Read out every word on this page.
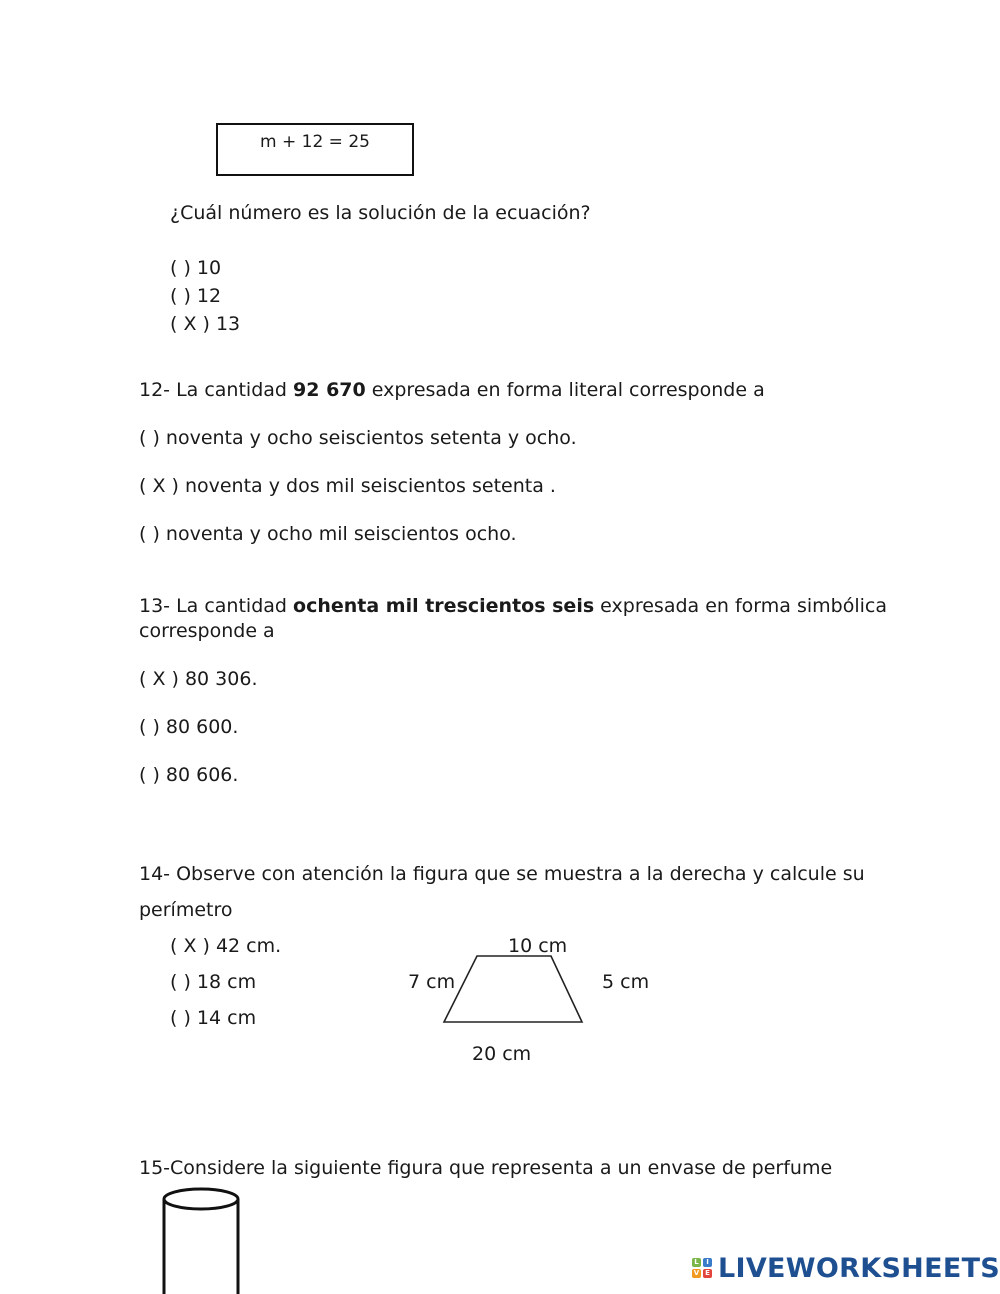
m + 12 = 25
¿Cuál número es la solución de la ecuación?
( ) 10
( ) 12
( X ) 13
12- La cantidad 92 670 expresada en forma literal corresponde a
( ) noventa y ocho seiscientos setenta y ocho.
( X ) noventa y dos mil seiscientos setenta .
( ) noventa y ocho mil seiscientos ocho.
13- La cantidad ochenta mil trescientos seis expresada en forma simbólica
corresponde a
( X ) 80 306.
( ) 80 600.
( ) 80 606.
14- Observe con atención la figura que se muestra a la derecha y calcule su
perímetro
( X ) 42 cm.
( ) 18 cm
( ) 14 cm
10 cm
7 cm	5 cm
20 cm
15-Considere la siguiente figura que representa a un envase de perfume
L	I
V E LIVEWORKSHEETS
